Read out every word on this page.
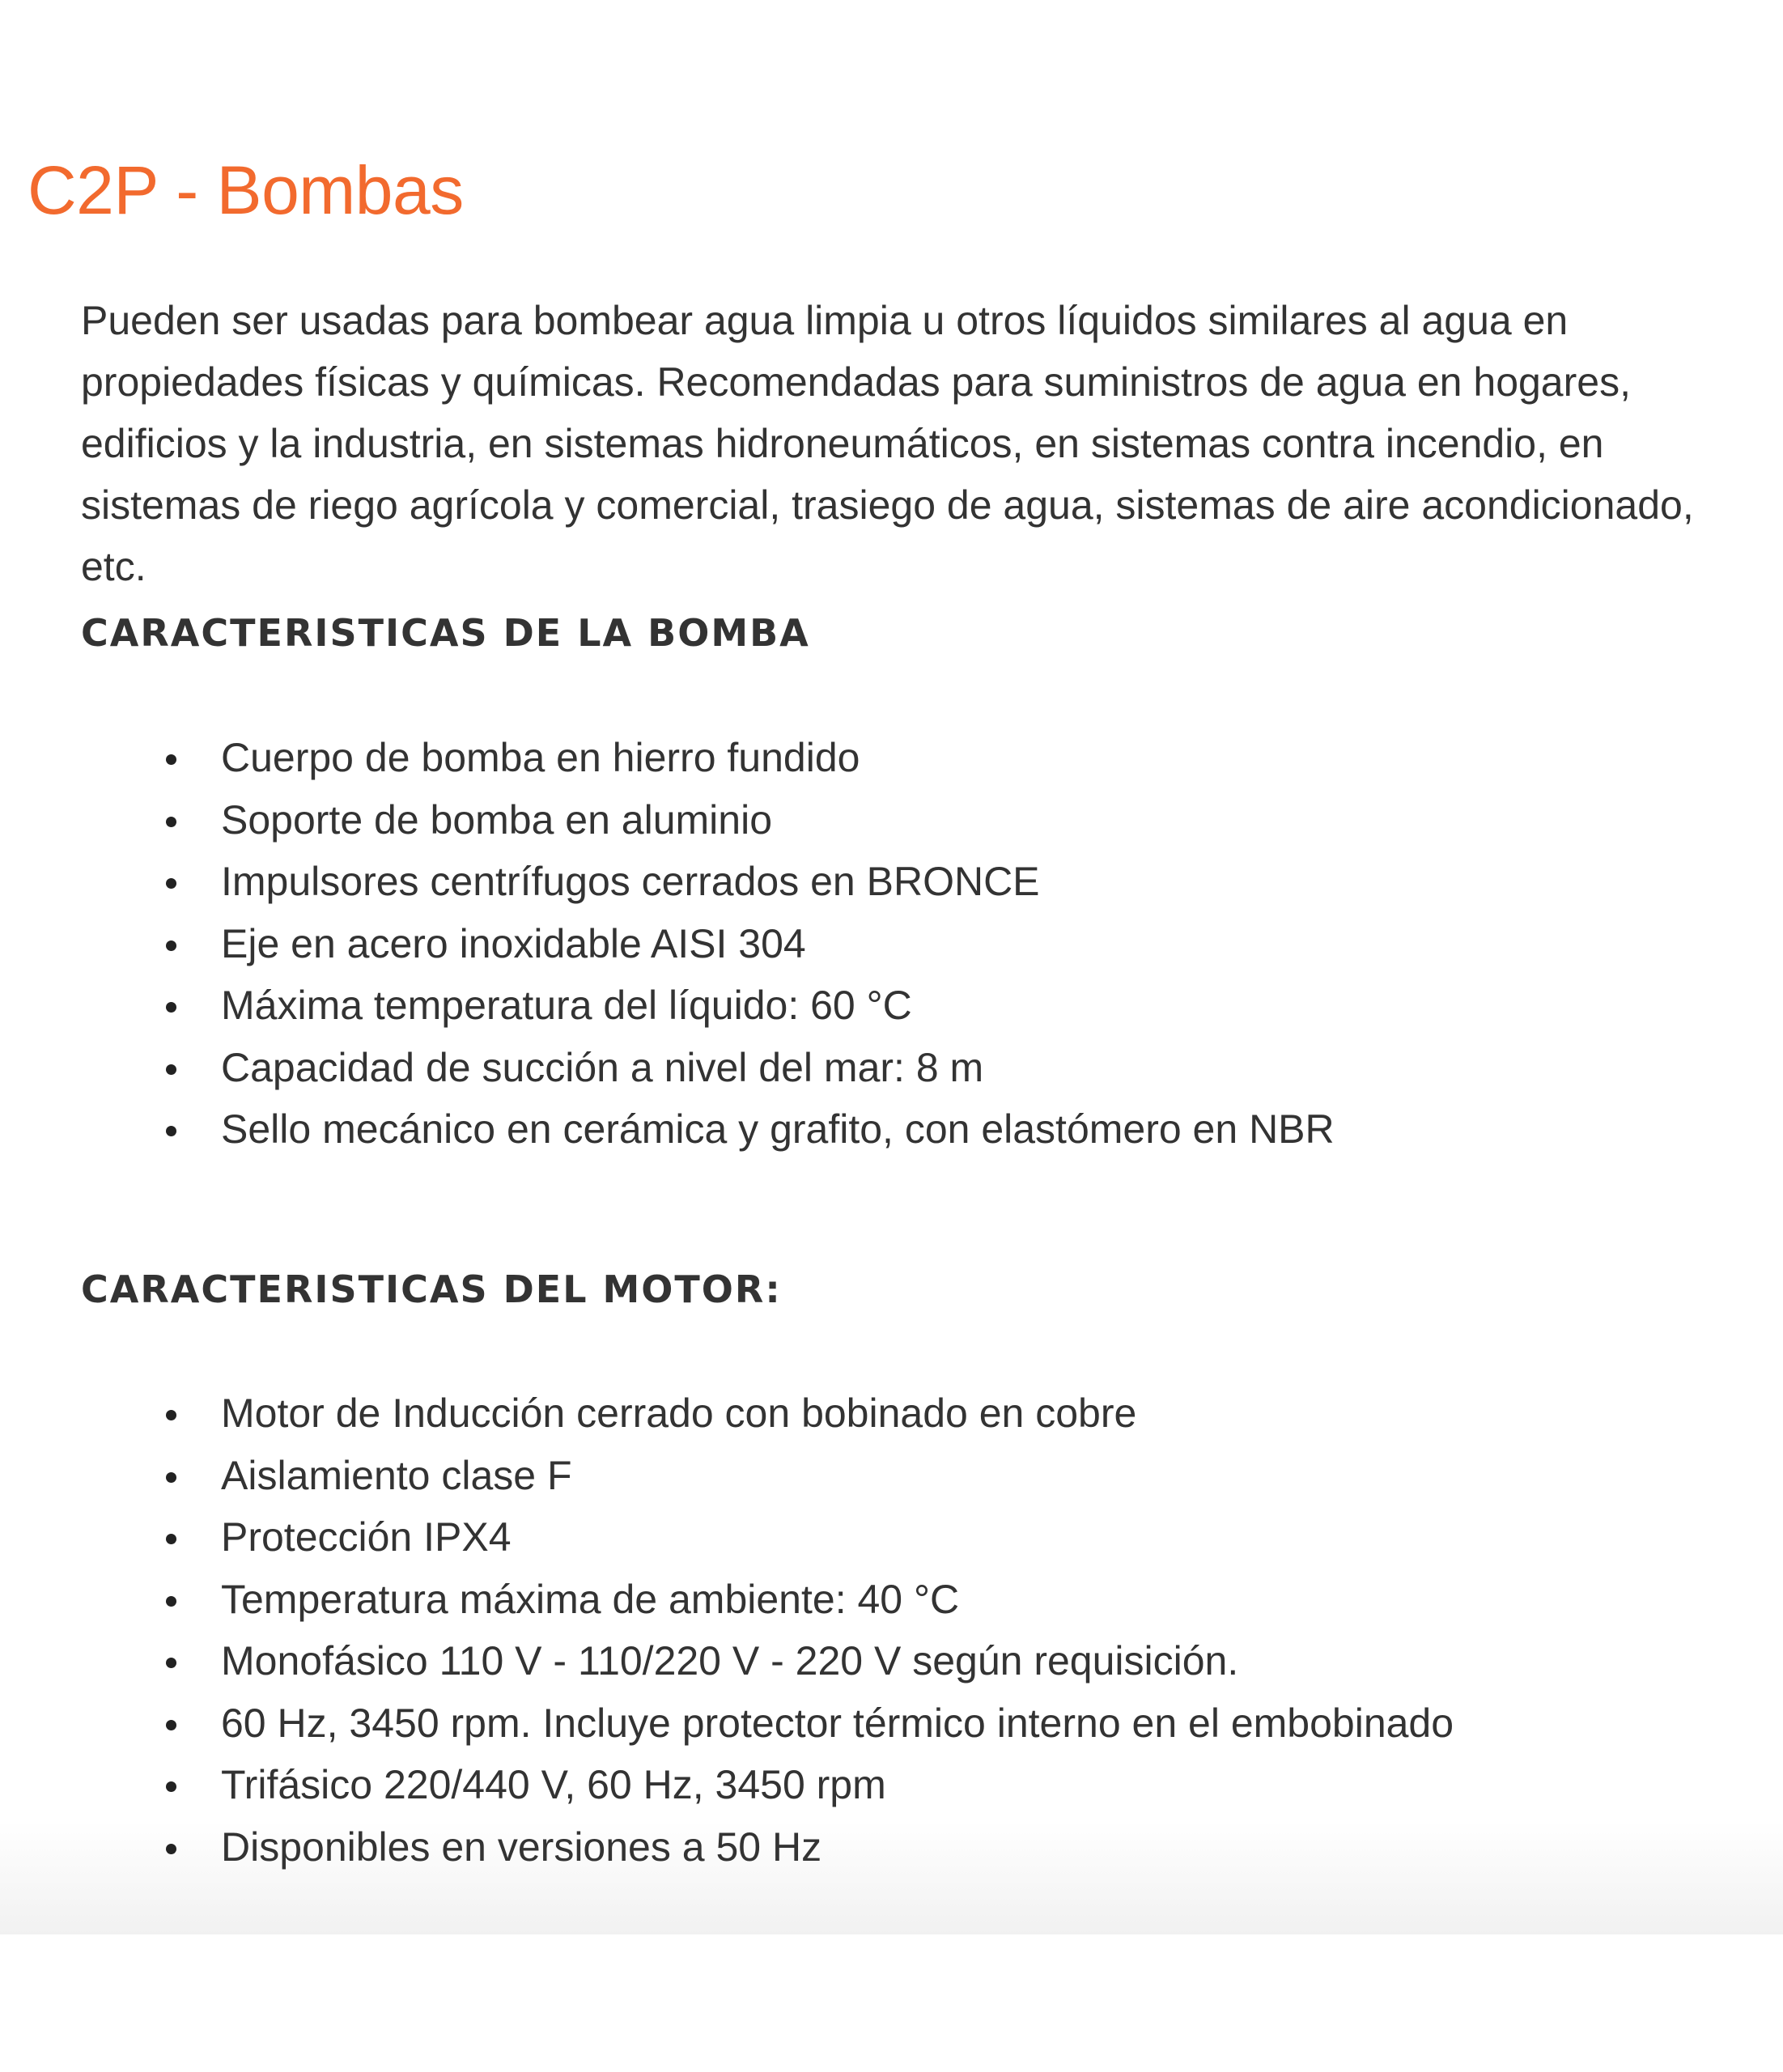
C2P - Bombas

Pueden ser usadas para bombear agua limpia u otros líquidos similares al agua en propiedades físicas y químicas. Recomendadas para suministros de agua en hogares, edificios y la industria, en sistemas hidroneumáticos, en sistemas contra incendio, en sistemas de riego agrícola y comercial, trasiego de agua, sistemas de aire acondicionado, etc.

CARACTERISTICAS DE LA BOMBA
Cuerpo de bomba en hierro fundido
Soporte de bomba en aluminio
Impulsores centrífugos cerrados en BRONCE
Eje en acero inoxidable AISI 304
Máxima temperatura del líquido: 60 °C
Capacidad de succión a nivel del mar: 8 m
Sello mecánico en cerámica y grafito, con elastómero en NBR
CARACTERISTICAS DEL MOTOR:
Motor de Inducción cerrado con bobinado en cobre
Aislamiento clase F
Protección IPX4
Temperatura máxima de ambiente: 40 °C
Monofásico 110 V - 110/220 V - 220 V según requisición.
60 Hz, 3450 rpm. Incluye protector térmico interno en el embobinado
Trifásico 220/440 V, 60 Hz, 3450 rpm
Disponibles en versiones a 50 Hz
